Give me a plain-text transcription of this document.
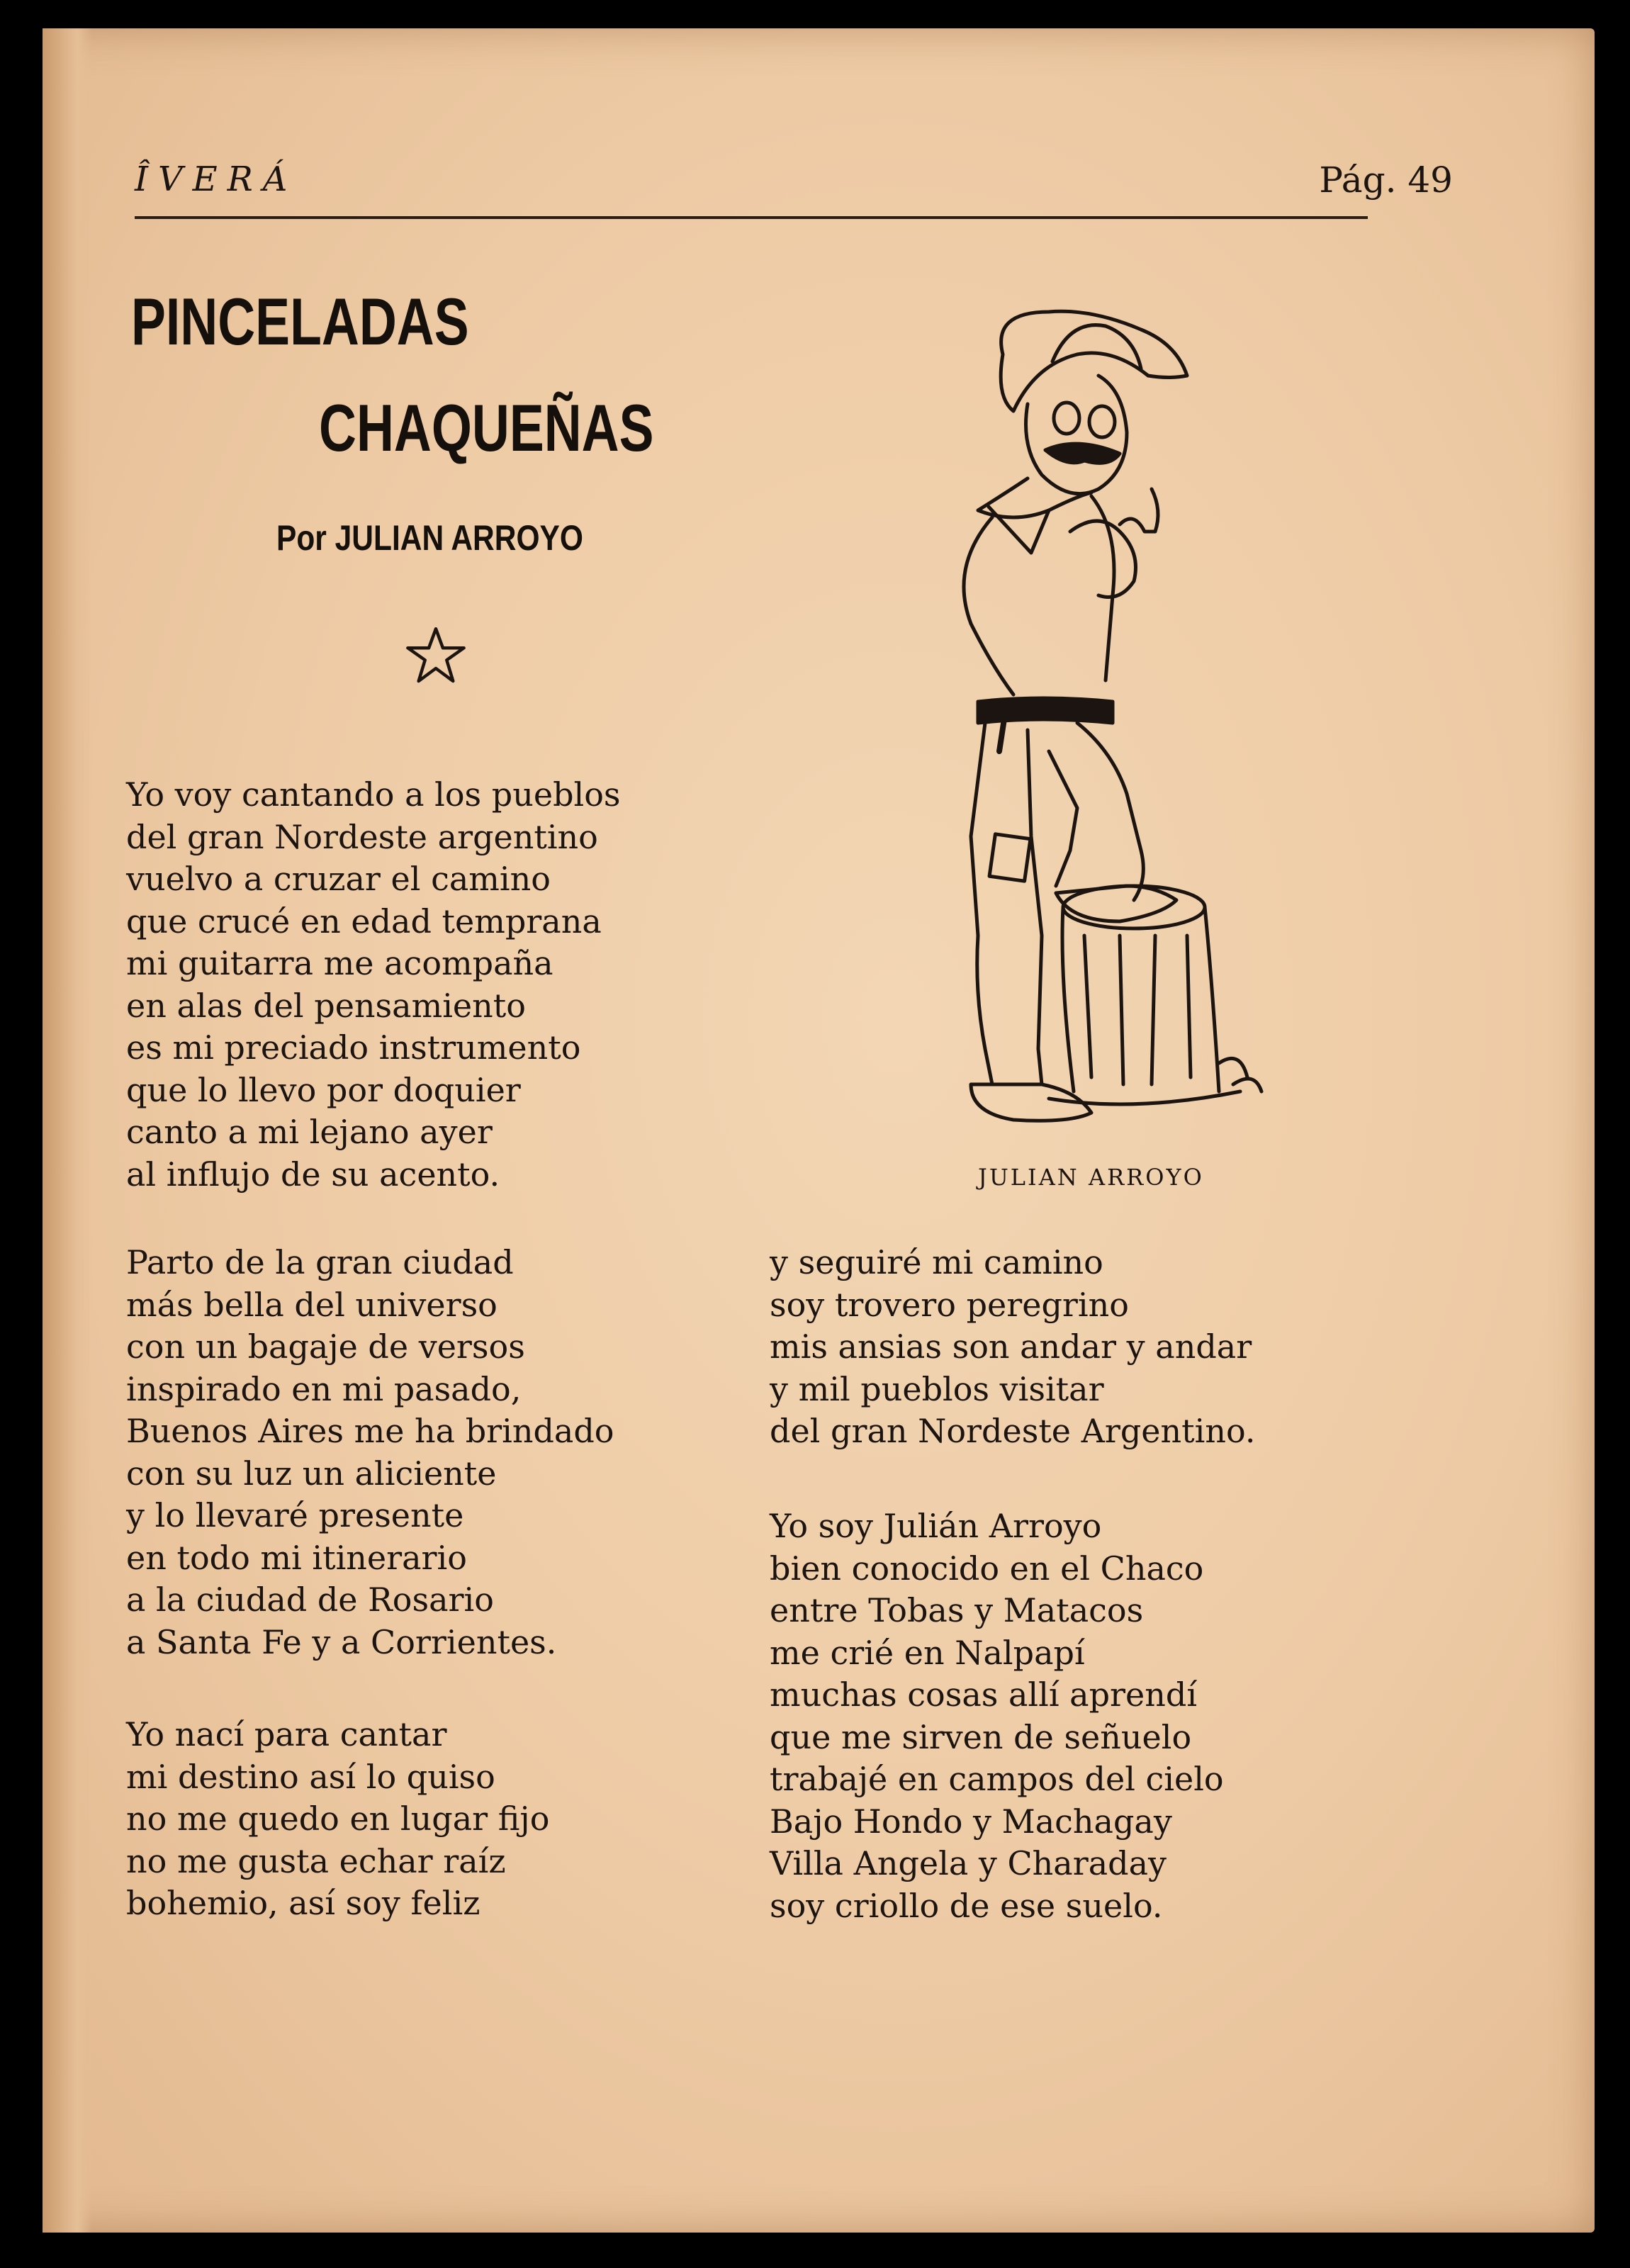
ÎVERÁ	Pág. 49
PINCELADAS
CHAQUEÑAS
Por JULIAN ARROYO
Yo voy cantando a los pueblos
del gran Nordeste argentino
vuelvo a cruzar el camino
que crucé en edad temprana
mi guitarra me acompaña
en alas del pensamiento
es mi preciado instrumento
que lo llevo por doquier
canto a mi lejano ayer
al influjo de su acento.
Parto de la gran ciudad
más bella del universo
con un bagaje de versos
inspirado en mi pasado,
Buenos Aires me ha brindado
con su luz un aliciente
y lo llevaré presente
en todo mi itinerario
a la ciudad de Rosario
a Santa Fe y a Corrientes.
Yo nací para cantar
mi destino así lo quiso
no me quedo en lugar fijo
no me gusta echar raíz
bohemio, así soy feliz
y seguiré mi camino
soy trovero peregrino
mis ansias son andar y andar
y mil pueblos visitar
del gran Nordeste Argentino.
Yo soy Julián Arroyo
bien conocido en el Chaco
entre Tobas y Matacos
me crié en Nalpapí
muchas cosas allí aprendí
que me sirven de señuelo
trabajé en campos del cielo
Bajo Hondo y Machagay
Villa Angela y Charaday
soy criollo de ese suelo.
JULIAN ARROYO
